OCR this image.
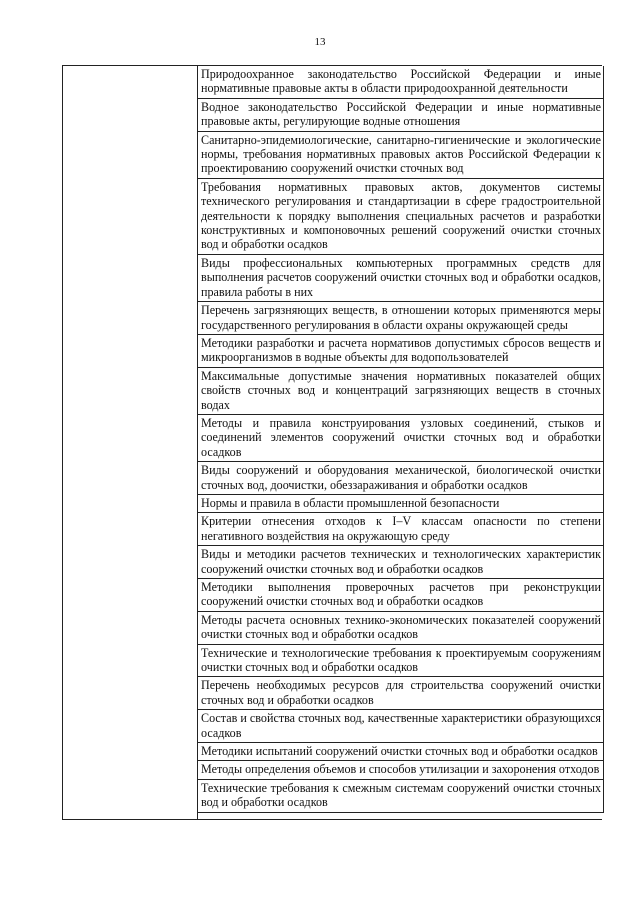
13
Природоохранное законодательство Российской Федерации и иные нормативные правовые акты в области природоохранной деятельности
Водное законодательство Российской Федерации и иные нормативные правовые акты, регулирующие водные отношения
Санитарно-эпидемиологические, санитарно-гигиенические и экологические нормы, требования нормативных правовых актов Российской Федерации к проектированию сооружений очистки сточных вод
Требования нормативных правовых актов, документов системы технического регулирования и стандартизации в сфере градостроительной деятельности к порядку выполнения специальных расчетов и разработки конструктивных и компоновочных решений сооружений очистки сточных вод и обработки осадков
Виды профессиональных компьютерных программных средств для выполнения расчетов сооружений очистки сточных вод и обработки осадков, правила работы в них
Перечень загрязняющих веществ, в отношении которых применяются меры государственного регулирования в области охраны окружающей среды
Методики разработки и расчета нормативов допустимых сбросов веществ и микроорганизмов в водные объекты для водопользователей
Максимальные допустимые значения нормативных показателей общих свойств сточных вод и концентраций загрязняющих веществ в сточных водах
Методы и правила конструирования узловых соединений, стыков и соединений элементов сооружений очистки сточных вод и обработки осадков
Виды сооружений и оборудования механической, биологической очистки сточных вод, доочистки, обеззараживания и обработки осадков
Нормы и правила в области промышленной безопасности
Критерии отнесения отходов к I–V классам опасности по степени негативного воздействия на окружающую среду
Виды и методики расчетов технических и технологических характеристик сооружений очистки сточных вод и обработки осадков
Методики выполнения проверочных расчетов при реконструкции сооружений очистки сточных вод и обработки осадков
Методы расчета основных технико-экономических показателей сооружений очистки сточных вод и обработки осадков
Технические и технологические требования к проектируемым сооружениям очистки сточных вод и обработки осадков
Перечень необходимых ресурсов для строительства сооружений очистки сточных вод и обработки осадков
Состав и свойства сточных вод, качественные характеристики образующихся осадков
Методики испытаний сооружений очистки сточных вод и обработки осадков
Методы определения объемов и способов утилизации и захоронения отходов
Технические требования к смежным системам сооружений очистки сточных вод и обработки осадков
